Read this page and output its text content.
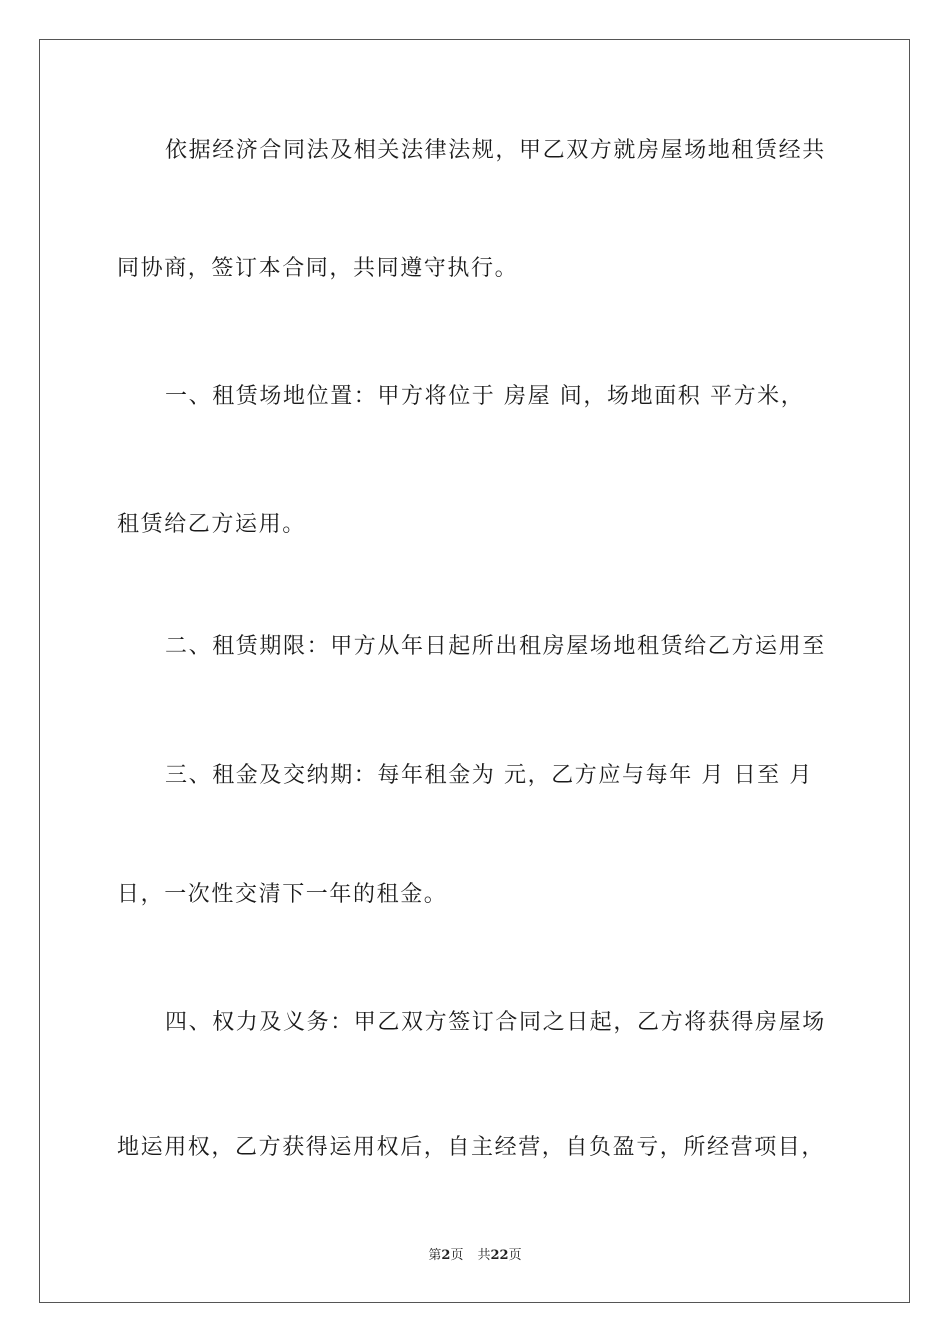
依据经济合同法及相关法律法规，甲乙双方就房屋场地租赁经共
同协商，签订本合同，共同遵守执行。
一、租赁场地位置：甲方将位于 房屋 间，场地面积 平方米，
租赁给乙方运用。
二、租赁期限：甲方从年日起所出租房屋场地租赁给乙方运用至
三、租金及交纳期：每年租金为 元，乙方应与每年 月 日至 月
日，一次性交清下一年的租金。
四、权力及义务：甲乙双方签订合同之日起，乙方将获得房屋场
地运用权，乙方获得运用权后，自主经营，自负盈亏，所经营项目，
第2页 共22页
